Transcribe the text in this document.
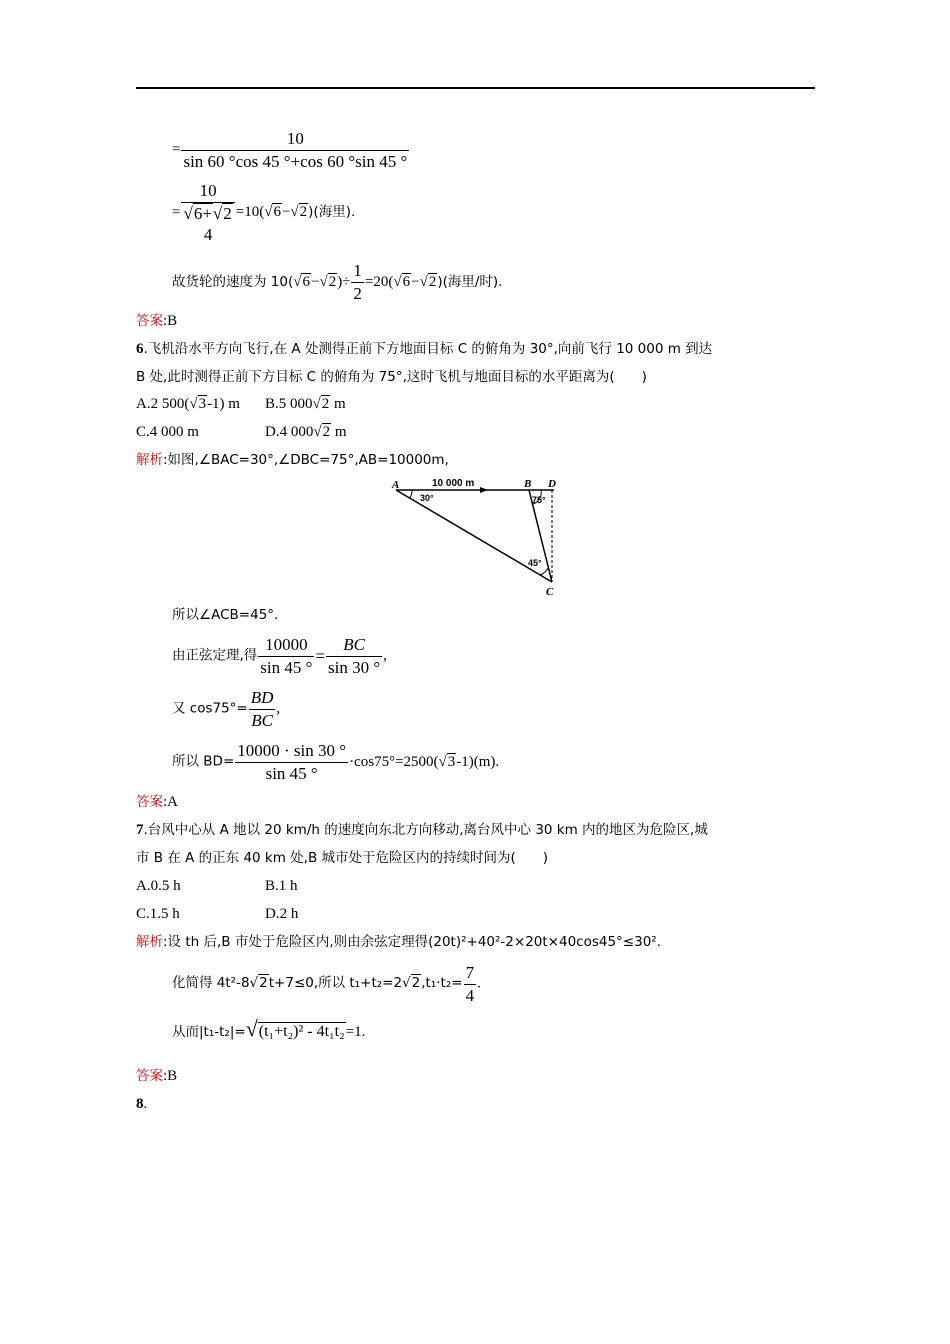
= $\frac{10}{\sin 60 ^\circ\cos 45 ^\circ+\cos 60 ^\circ\sin 45 ^\circ}$
=
10
√6+√2
4
=10(√6−√2)(海里).
故货轮的速度为 $10(√6-√2)\div \frac{1}{2} =20(√6-√2)$(海里/时).
答案:B
6.飞机沿水平方向飞行,在 A 处测得正前下方地面目标 C 的俯角为 30°,向前飞行 10 000 m 到达
B 处,此时测得正前下方目标 C 的俯角为 75°,这时飞机与地面目标的水平距离为(　　)
A.2 500(√3-1) m B.5 000√2 m
C.4 000 m	D.4 000√2 m
解析:如图,∠BAC=30°,∠DBC=75°,AB=10000m,
A	B D
C
10 000 m
30°	75°
45°
所以∠ACB=45°.
由正弦定理,得 $\frac{10000}{\sin 45 ^\circ} = \frac{BC}{\sin 30 ^\circ}$ ,
又 $\cos 75^\circ= \frac{BD}{BC}$ ,
所以 $BD= \frac{10000 \cdot \sin 30 ^\circ}{\sin 45 ^\circ} \cdot\cos 75^\circ=2500(√3-1)(m)$.
答案:A
7.台风中心从 A 地以 20 km/h 的速度向东北方向移动,离台风中心 30 km 内的地区为危险区,城
市 B 在 A 的正东 40 km 处,B 城市处于危险区内的持续时间为(　　)
A.0.5 h	B.1 h
C.1.5 h	D.2 h
解析:设 th 后,B 市处于危险区内,则由余弦定理得(20t)²+40²-2×20t×40cos45°≤30².
化简得 4t²-8√2t+7≤0,所以 $t_1+t_2=2√2,t_1\cdot t_2= \frac{7}{4}$ .
从而|t₁-t₂|=√(t₁+t₂)² - 4t₁t₂=1.
答案:B
8.
